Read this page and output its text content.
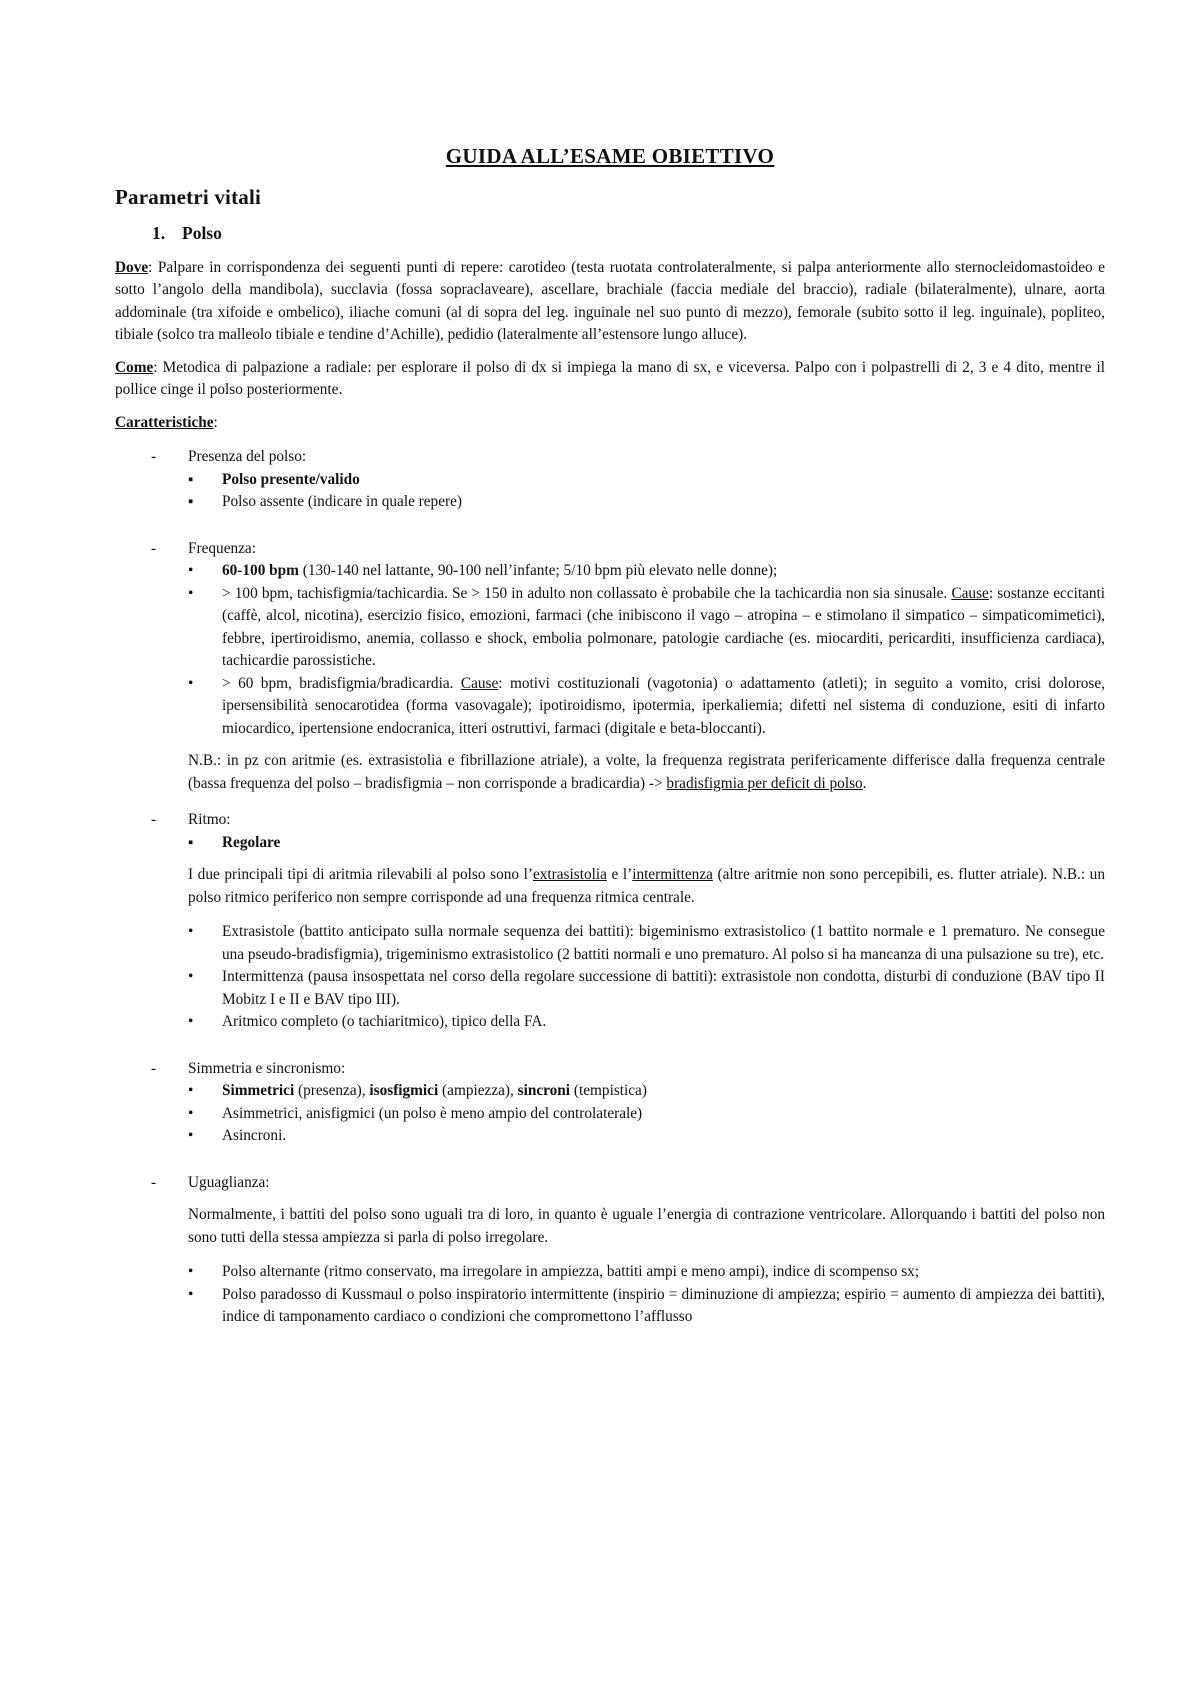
GUIDA ALL’ESAME OBIETTIVO
Parametri vitali
1. Polso

Dove: Palpare in corrispondenza dei seguenti punti di repere: carotideo (testa ruotata controlateralmente, si palpa anteriormente allo sternocleidomastoideo e sotto l’angolo della mandibola), succlavia (fossa sopraclaveare), ascellare, brachiale (faccia mediale del braccio), radiale (bilateralmente), ulnare, aorta addominale (tra xifoide e ombelico), iliache comuni (al di sopra del leg. inguinale nel suo punto di mezzo), femorale (subito sotto il leg. inguinale), popliteo, tibiale (solco tra malleolo tibiale e tendine d’Achille), pedidio (lateralmente all’estensore lungo alluce).

Come: Metodica di palpazione a radiale: per esplorare il polso di dx si impiega la mano di sx, e viceversa. Palpo con i polpastrelli di 2, 3 e 4 dito, mentre il pollice cinge il polso posteriormente.

Caratteristiche:

- Presenza del polso:
▪ Polso presente/valido
▪ Polso assente (indicare in quale repere)
- Frequenza:
• 60-100 bpm (130-140 nel lattante, 90-100 nell’infante; 5/10 bpm più elevato nelle donne);
• > 100 bpm, tachisfigmia/tachicardia. Se > 150 in adulto non collassato è probabile che la tachicardia non sia sinusale. Cause: sostanze eccitanti (caffè, alcol, nicotina), esercizio fisico, emozioni, farmaci (che inibiscono il vago – atropina – e stimolano il simpatico – simpaticomimetici), febbre, ipertiroidismo, anemia, collasso e shock, embolia polmonare, patologie cardiache (es. miocarditi, pericarditi, insufficienza cardiaca), tachicardie parossistiche.
• > 60 bpm, bradisfigmia/bradicardia. Cause: motivi costituzionali (vagotonia) o adattamento (atleti); in seguito a vomito, crisi dolorose, ipersensibilità senocarotidea (forma vasovagale); ipotiroidismo, ipotermia, iperkaliemia; difetti nel sistema di conduzione, esiti di infarto miocardico, ipertensione endocranica, itteri ostruttivi, farmaci (digitale e beta-bloccanti).

N.B.: in pz con aritmie (es. extrasistolia e fibrillazione atriale), a volte, la frequenza registrata perifericamente differisce dalla frequenza centrale (bassa frequenza del polso – bradisfigmia – non corrisponde a bradicardia) -> bradisfigmia per deficit di polso.

- Ritmo:
▪ Regolare

I due principali tipi di aritmia rilevabili al polso sono l’extrasistolia e l’intermittenza (altre aritmie non sono percepibili, es. flutter atriale). N.B.: un polso ritmico periferico non sempre corrisponde ad una frequenza ritmica centrale.

• Extrasistole (battito anticipato sulla normale sequenza dei battiti): bigeminismo extrasistolico (1 battito normale e 1 prematuro. Ne consegue una pseudo-bradisfigmia), trigeminismo extrasistolico (2 battiti normali e uno prematuro. Al polso si ha mancanza di una pulsazione su tre), etc.
• Intermittenza (pausa insospettata nel corso della regolare successione di battiti): extrasistole non condotta, disturbi di conduzione (BAV tipo II Mobitz I e II e BAV tipo III).
• Aritmico completo (o tachiaritmico), tipico della FA.
- Simmetria e sincronismo:
• Simmetrici (presenza), isosfigmici (ampiezza), sincroni (tempistica)
• Asimmetrici, anisfigmici (un polso è meno ampio del controlaterale)
• Asincroni.
- Uguaglianza:

Normalmente, i battiti del polso sono uguali tra di loro, in quanto è uguale l’energia di contrazione ventricolare. Allorquando i battiti del polso non sono tutti della stessa ampiezza si parla di polso irregolare.

• Polso alternante (ritmo conservato, ma irregolare in ampiezza, battiti ampi e meno ampi), indice di scompenso sx;
• Polso paradosso di Kussmaul o polso inspiratorio intermittente (inspirio = diminuzione di ampiezza; espirio = aumento di ampiezza dei battiti), indice di tamponamento cardiaco o condizioni che compromettono l’afflusso
